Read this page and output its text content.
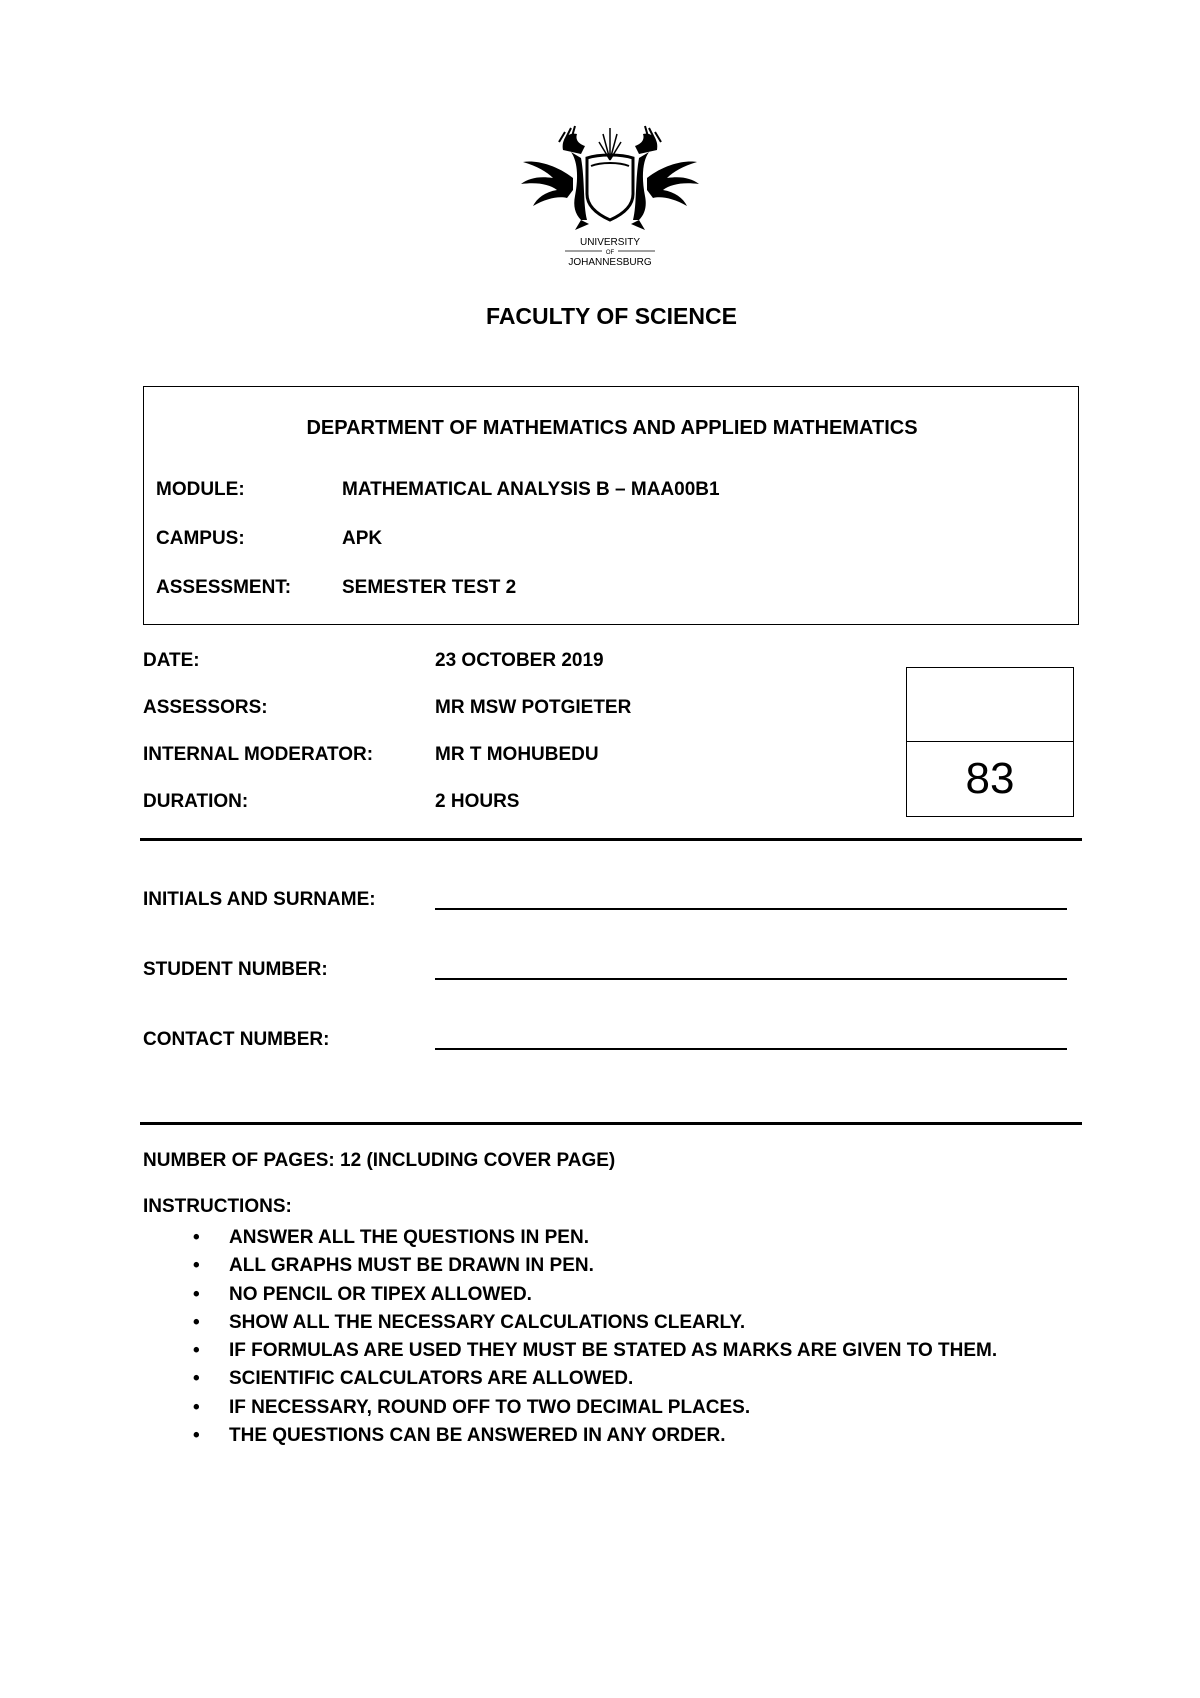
UNIVERSITY
OF
JOHANNESBURG
FACULTY OF SCIENCE
DEPARTMENT OF MATHEMATICS AND APPLIED MATHEMATICS
MODULE:	MATHEMATICAL ANALYSIS B – MAA00B1
CAMPUS:	APK
ASSESSMENT:	SEMESTER TEST 2
DATE:	23 OCTOBER 2019
ASSESSORS:	MR MSW POTGIETER
INTERNAL MODERATOR:	MR T MOHUBEDU
DURATION:	2 HOURS	83
INITIALS AND SURNAME:
STUDENT NUMBER:
CONTACT NUMBER:
NUMBER OF PAGES: 12 (INCLUDING COVER PAGE)
INSTRUCTIONS:
• ANSWER ALL THE QUESTIONS IN PEN.
• ALL GRAPHS MUST BE DRAWN IN PEN.
• NO PENCIL OR TIPEX ALLOWED.
• SHOW ALL THE NECESSARY CALCULATIONS CLEARLY.
• IF FORMULAS ARE USED THEY MUST BE STATED AS MARKS ARE GIVEN TO THEM.
• SCIENTIFIC CALCULATORS ARE ALLOWED.
• IF NECESSARY, ROUND OFF TO TWO DECIMAL PLACES.
• THE QUESTIONS CAN BE ANSWERED IN ANY ORDER.
